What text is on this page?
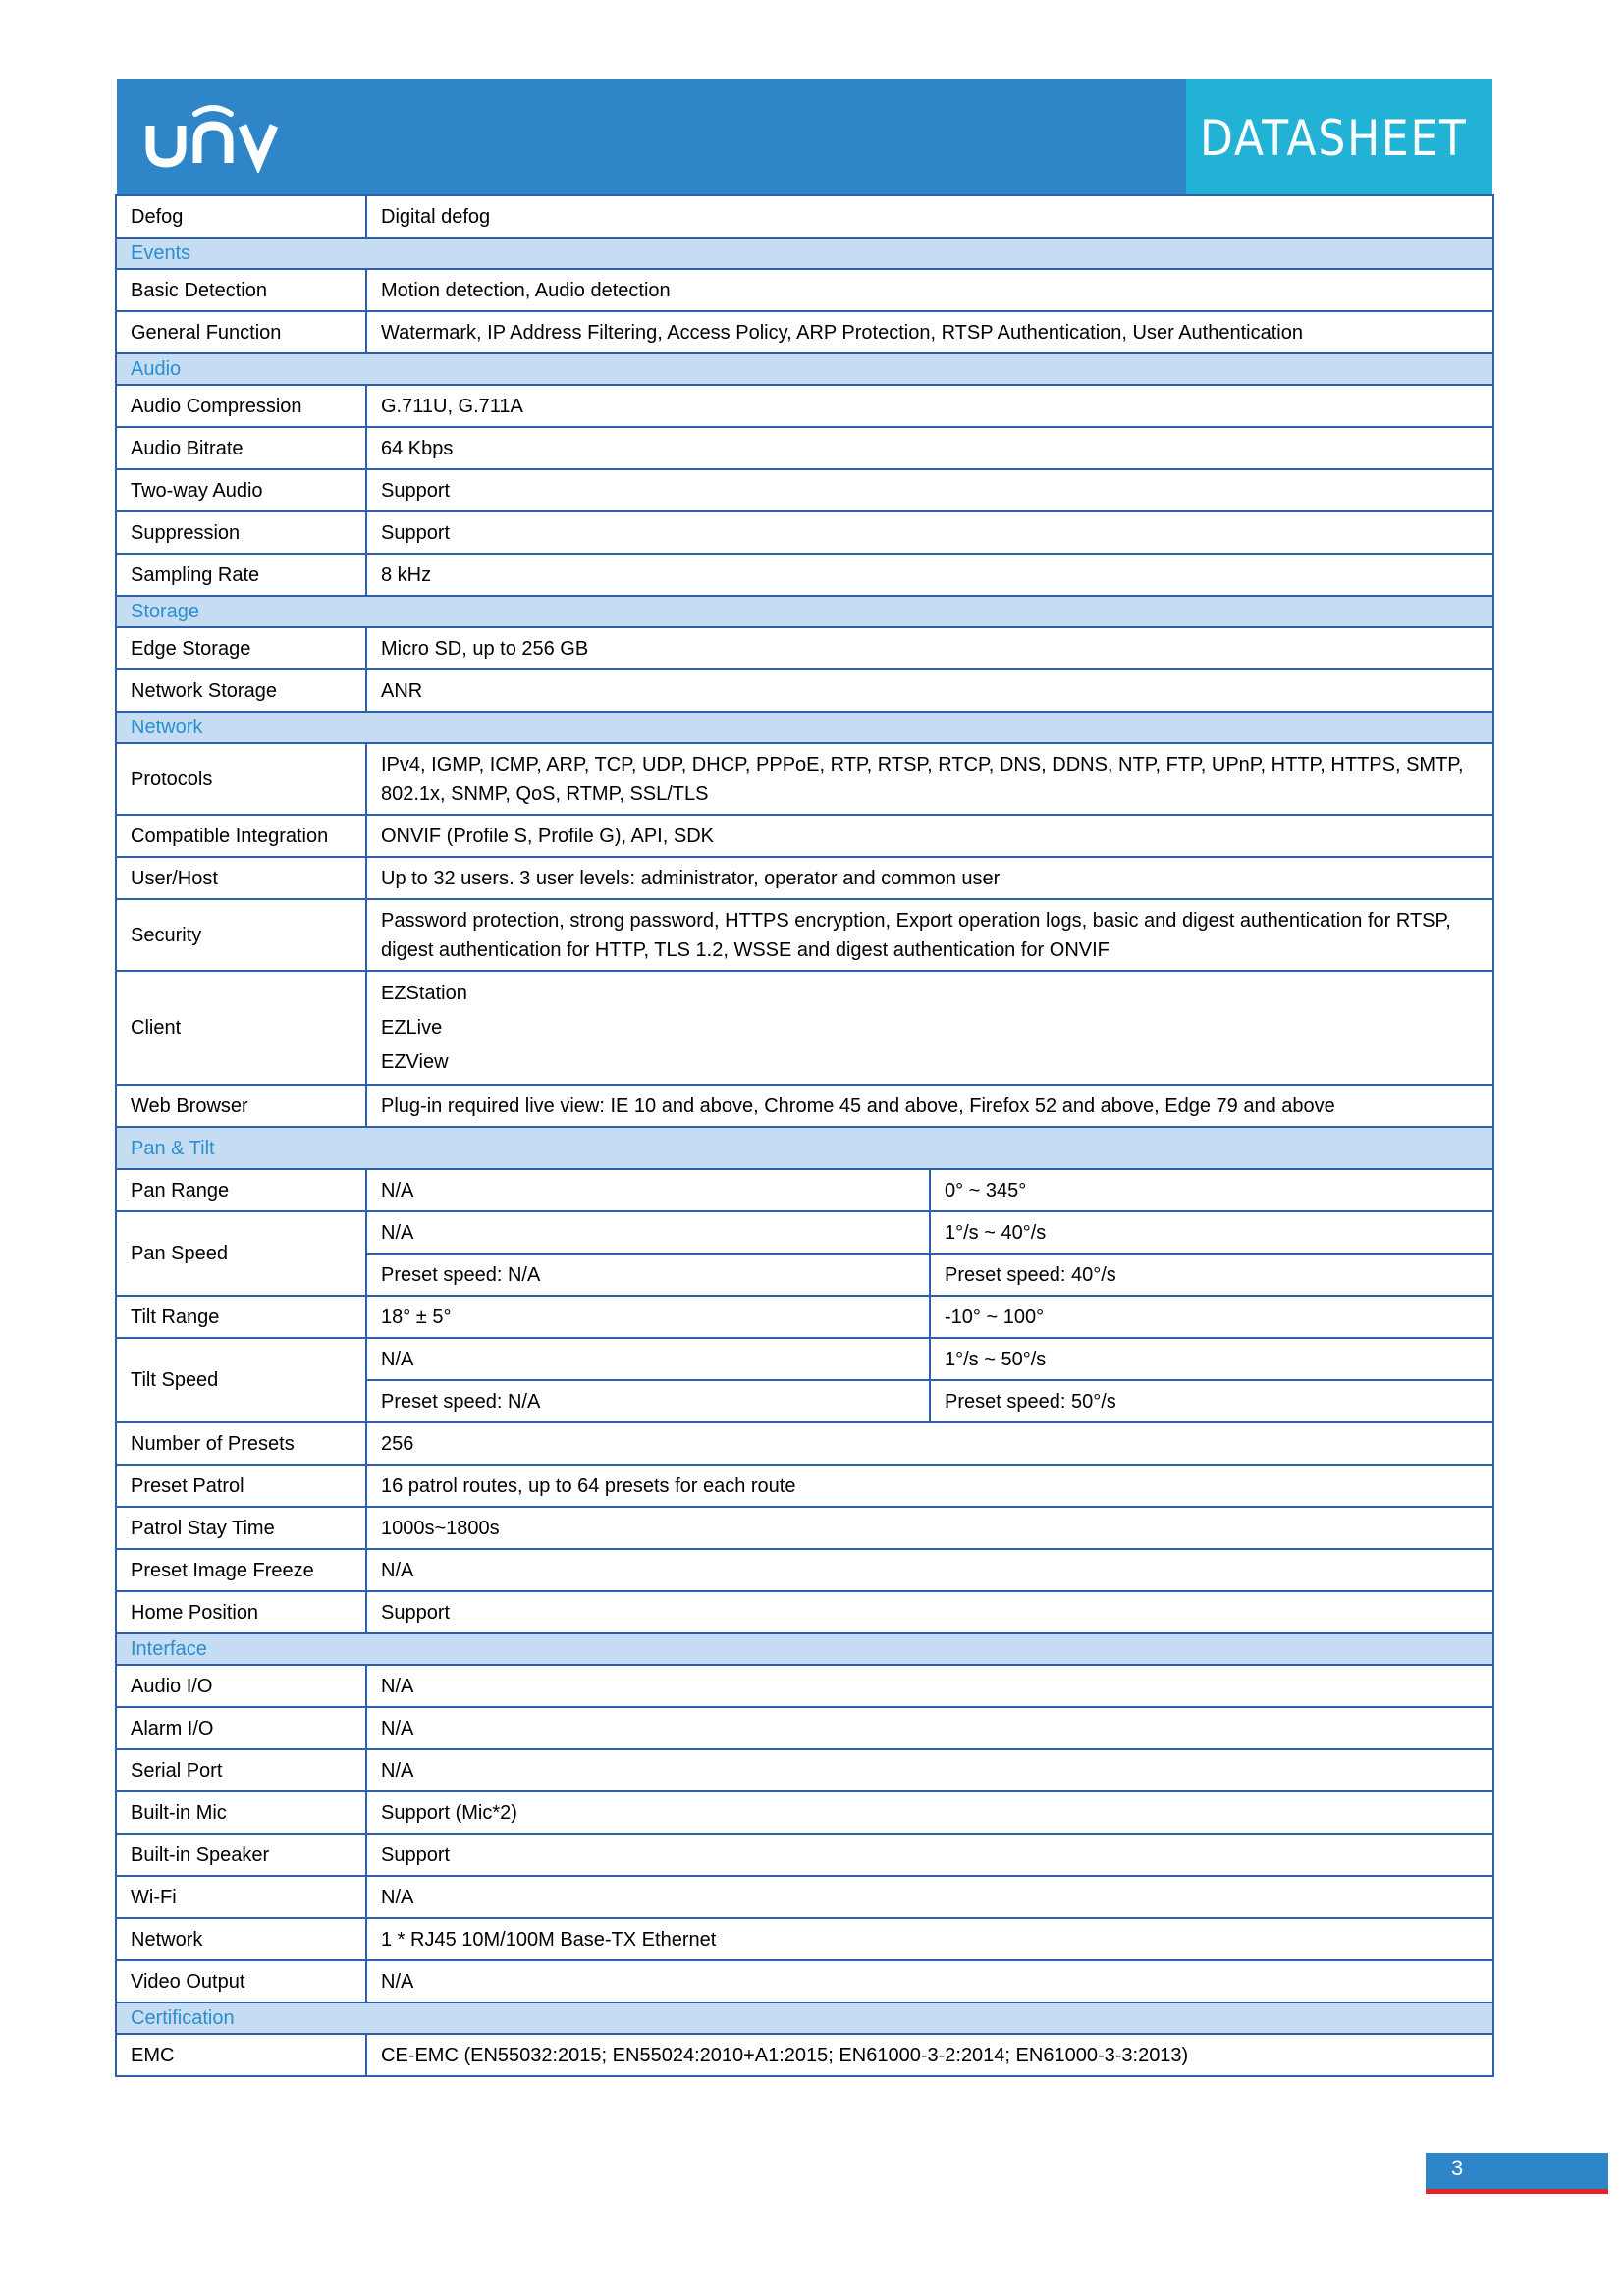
DATASHEET
Defog	Digital defog	
Events		
Basic Detection	Motion detection, Audio detection	
General Function	Watermark, IP Address Filtering, Access Policy, ARP Protection, RTSP Authentication, User Authentication	
Audio		
Audio Compression	G.711U, G.711A	
Audio Bitrate	64 Kbps	
Two-way Audio	Support	
Suppression	Support	
Sampling Rate	8 kHz	
Storage		
Edge Storage	Micro SD, up to 256 GB	
Network Storage	ANR	
Network		
Protocols	IPv4, IGMP, ICMP, ARP, TCP, UDP, DHCP, PPPoE, RTP, RTSP, RTCP, DNS, DDNS, NTP, FTP, UPnP, HTTP, HTTPS, SMTP, 802.1x, SNMP, QoS, RTMP, SSL/TLS	
Compatible Integration	ONVIF (Profile S, Profile G), API, SDK	
User/Host	Up to 32 users. 3 user levels: administrator, operator and common user	
Security	Password protection, strong password, HTTPS encryption, Export operation logs, basic and digest authentication for RTSP, digest authentication for HTTP, TLS 1.2, WSSE and digest authentication for ONVIF	
Client	EZStation
EZLive
EZView	

Web Browser	Plug-in required live view: IE 10 and above, Chrome 45 and above, Firefox 52 and above, Edge 79 and above	
Pan & Tilt		
Pan Range	N/A	0° ~ 345°
Pan Speed	N/A	1°/s ~ 40°/s
	Preset speed: N/A	Preset speed: 40°/s
Tilt Range	18° ± 5°	-10° ~ 100°
Tilt Speed	N/A	1°/s ~ 50°/s
	Preset speed: N/A	Preset speed: 50°/s
Number of Presets	256	
Preset Patrol	16 patrol routes, up to 64 presets for each route	
Patrol Stay Time	1000s~1800s	
Preset Image Freeze	N/A	
Home Position	Support	
Interface		
Audio I/O	N/A	
Alarm I/O	N/A	
Serial Port	N/A	
Built-in Mic	Support (Mic*2)	
Built-in Speaker	Support	
Wi-Fi	N/A	
Network	1 * RJ45 10M/100M Base-TX Ethernet	
Video Output	N/A	
Certification		
EMC	CE-EMC (EN55032:2015; EN55024:2010+A1:2015; EN61000-3-2:2014; EN61000-3-3:2013)	
3
